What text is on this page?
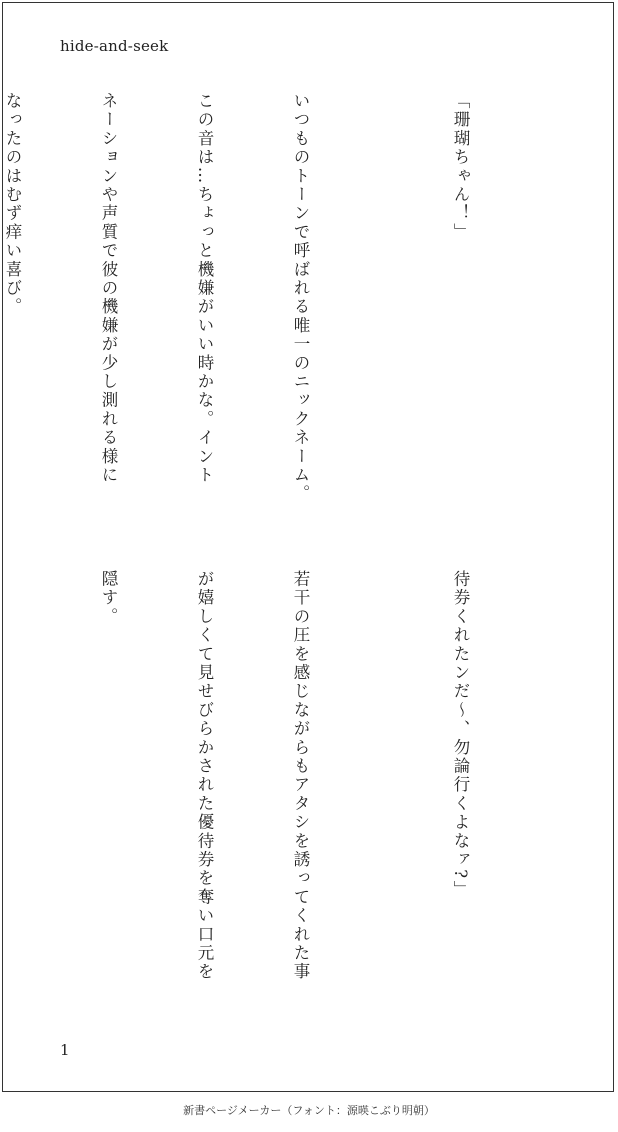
hide-and-seek
1

「珊瑚ちゃん！」

いつものトーンで呼ばれる唯一のニックネーム。

この音は…ちょっと機嫌がいい時かな。イント

ネーションや声質で彼の機嫌が少し測れる様に

なったのはむず痒い喜び。

待券くれたンだ〜、勿論行くよなァ?」

若干の圧を感じながらもアタシを誘ってくれた事

が嬉しくて見せびらかされた優待券を奪い口元を

隠す。

新書ページメーカー（フォント：源暎こぶり明朝）
